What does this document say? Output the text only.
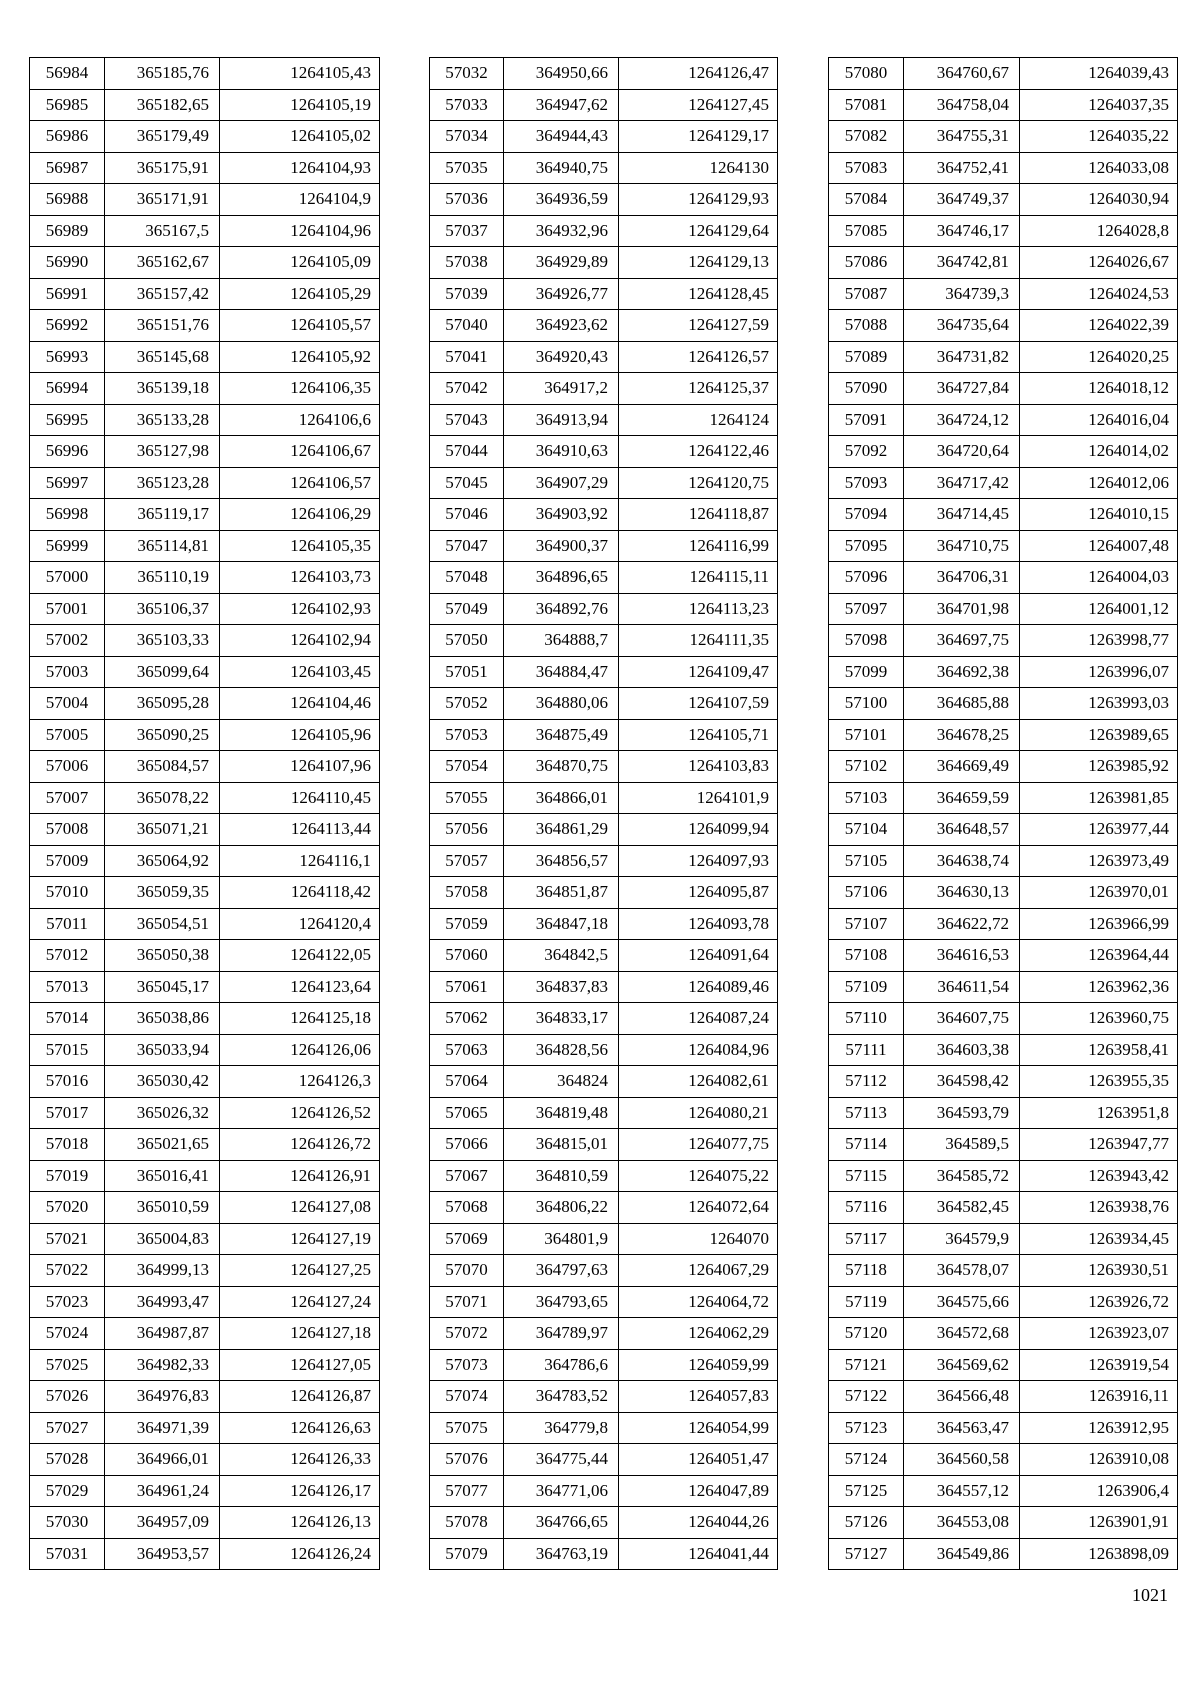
56984	365185,76	1264105,43
56985	365182,65	1264105,19
56986	365179,49	1264105,02
56987	365175,91	1264104,93
56988	365171,91	1264104,9
56989	365167,5	1264104,96
56990	365162,67	1264105,09
56991	365157,42	1264105,29
56992	365151,76	1264105,57
56993	365145,68	1264105,92
56994	365139,18	1264106,35
56995	365133,28	1264106,6
56996	365127,98	1264106,67
56997	365123,28	1264106,57
56998	365119,17	1264106,29
56999	365114,81	1264105,35
57000	365110,19	1264103,73
57001	365106,37	1264102,93
57002	365103,33	1264102,94
57003	365099,64	1264103,45
57004	365095,28	1264104,46
57005	365090,25	1264105,96
57006	365084,57	1264107,96
57007	365078,22	1264110,45
57008	365071,21	1264113,44
57009	365064,92	1264116,1
57010	365059,35	1264118,42
57011	365054,51	1264120,4
57012	365050,38	1264122,05
57013	365045,17	1264123,64
57014	365038,86	1264125,18
57015	365033,94	1264126,06
57016	365030,42	1264126,3
57017	365026,32	1264126,52
57018	365021,65	1264126,72
57019	365016,41	1264126,91
57020	365010,59	1264127,08
57021	365004,83	1264127,19
57022	364999,13	1264127,25
57023	364993,47	1264127,24
57024	364987,87	1264127,18
57025	364982,33	1264127,05
57026	364976,83	1264126,87
57027	364971,39	1264126,63
57028	364966,01	1264126,33
57029	364961,24	1264126,17
57030	364957,09	1264126,13
57031	364953,57	1264126,24
57032	364950,66	1264126,47
57033	364947,62	1264127,45
57034	364944,43	1264129,17
57035	364940,75	1264130
57036	364936,59	1264129,93
57037	364932,96	1264129,64
57038	364929,89	1264129,13
57039	364926,77	1264128,45
57040	364923,62	1264127,59
57041	364920,43	1264126,57
57042	364917,2	1264125,37
57043	364913,94	1264124
57044	364910,63	1264122,46
57045	364907,29	1264120,75
57046	364903,92	1264118,87
57047	364900,37	1264116,99
57048	364896,65	1264115,11
57049	364892,76	1264113,23
57050	364888,7	1264111,35
57051	364884,47	1264109,47
57052	364880,06	1264107,59
57053	364875,49	1264105,71
57054	364870,75	1264103,83
57055	364866,01	1264101,9
57056	364861,29	1264099,94
57057	364856,57	1264097,93
57058	364851,87	1264095,87
57059	364847,18	1264093,78
57060	364842,5	1264091,64
57061	364837,83	1264089,46
57062	364833,17	1264087,24
57063	364828,56	1264084,96
57064	364824	1264082,61
57065	364819,48	1264080,21
57066	364815,01	1264077,75
57067	364810,59	1264075,22
57068	364806,22	1264072,64
57069	364801,9	1264070
57070	364797,63	1264067,29
57071	364793,65	1264064,72
57072	364789,97	1264062,29
57073	364786,6	1264059,99
57074	364783,52	1264057,83
57075	364779,8	1264054,99
57076	364775,44	1264051,47
57077	364771,06	1264047,89
57078	364766,65	1264044,26
57079	364763,19	1264041,44
57080	364760,67	1264039,43
57081	364758,04	1264037,35
57082	364755,31	1264035,22
57083	364752,41	1264033,08
57084	364749,37	1264030,94
57085	364746,17	1264028,8
57086	364742,81	1264026,67
57087	364739,3	1264024,53
57088	364735,64	1264022,39
57089	364731,82	1264020,25
57090	364727,84	1264018,12
57091	364724,12	1264016,04
57092	364720,64	1264014,02
57093	364717,42	1264012,06
57094	364714,45	1264010,15
57095	364710,75	1264007,48
57096	364706,31	1264004,03
57097	364701,98	1264001,12
57098	364697,75	1263998,77
57099	364692,38	1263996,07
57100	364685,88	1263993,03
57101	364678,25	1263989,65
57102	364669,49	1263985,92
57103	364659,59	1263981,85
57104	364648,57	1263977,44
57105	364638,74	1263973,49
57106	364630,13	1263970,01
57107	364622,72	1263966,99
57108	364616,53	1263964,44
57109	364611,54	1263962,36
57110	364607,75	1263960,75
57111	364603,38	1263958,41
57112	364598,42	1263955,35
57113	364593,79	1263951,8
57114	364589,5	1263947,77
57115	364585,72	1263943,42
57116	364582,45	1263938,76
57117	364579,9	1263934,45
57118	364578,07	1263930,51
57119	364575,66	1263926,72
57120	364572,68	1263923,07
57121	364569,62	1263919,54
57122	364566,48	1263916,11
57123	364563,47	1263912,95
57124	364560,58	1263910,08
57125	364557,12	1263906,4
57126	364553,08	1263901,91
57127	364549,86	1263898,09
1021
